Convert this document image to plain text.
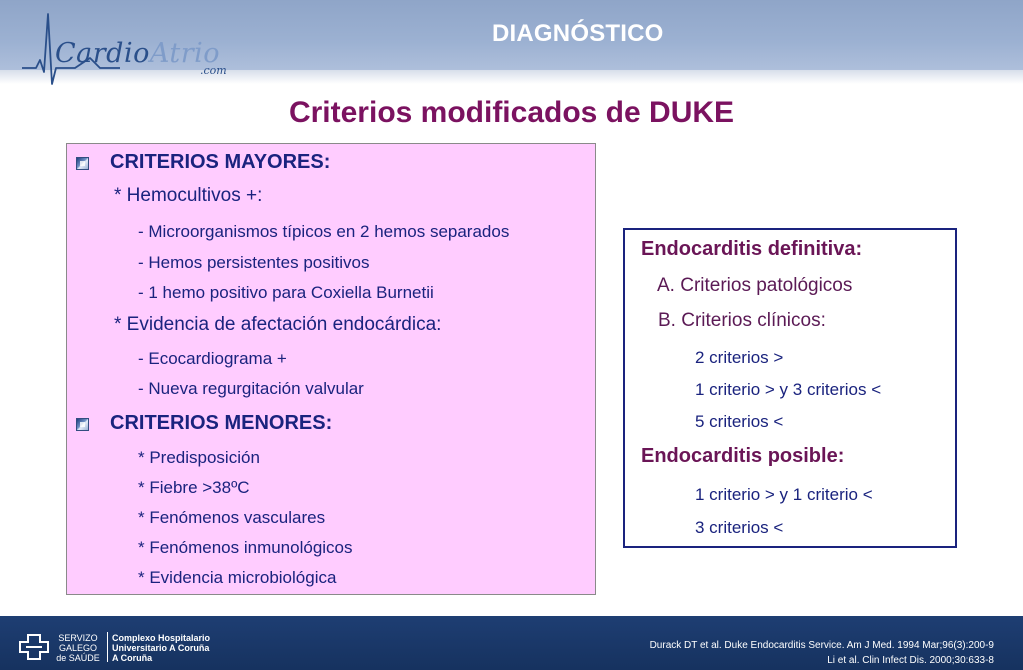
CardioAtrio
.com
DIAGNÓSTICO
Criterios modificados de DUKE
CRITERIOS MAYORES:
* Hemocultivos +:
- Microorganismos típicos en 2 hemos separados
- Hemos persistentes positivos
- 1 hemo positivo para Coxiella Burnetii
* Evidencia de afectación endocárdica:
- Ecocardiograma +
- Nueva regurgitación valvular
CRITERIOS MENORES:
* Predisposición
* Fiebre >38ºC
* Fenómenos vasculares
* Fenómenos inmunológicos
* Evidencia microbiológica
Endocarditis definitiva:
A. Criterios patológicos
B. Criterios clínicos:
2 criterios >
1 criterio > y 3 criterios <
5 criterios <
Endocarditis posible:
1 criterio > y 1 criterio <
3 criterios <
SERVIZO
GALEGO
de SAÚDE
Complexo Hospitalario
Universitario A Coruña
A Coruña
Durack DT et al. Duke Endocarditis Service. Am J Med. 1994 Mar;96(3):200-9
Li et al. Clin Infect Dis. 2000;30:633-8
